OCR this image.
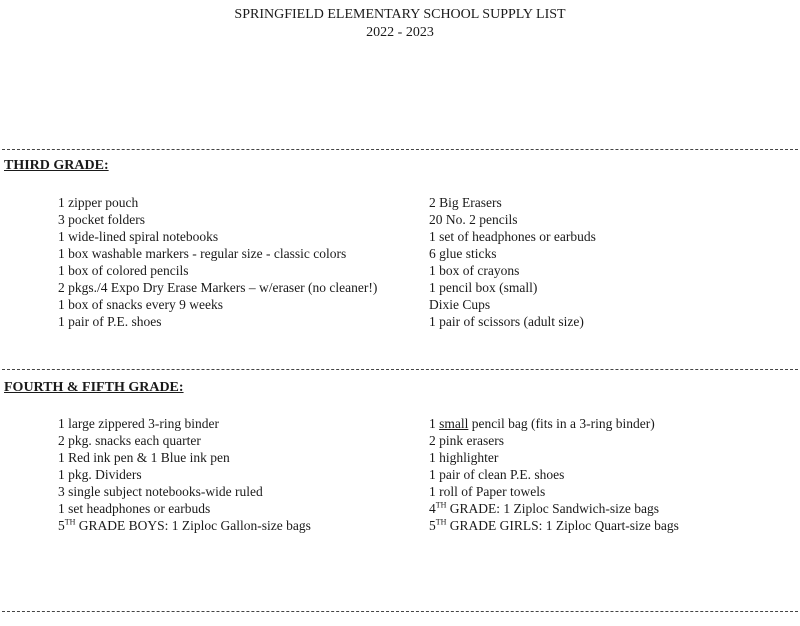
SPRINGFIELD ELEMENTARY SCHOOL SUPPLY LIST
2022 - 2023
THIRD GRADE:
1 zipper pouch
3 pocket folders
1 wide-lined spiral notebooks
1 box washable markers - regular size - classic colors
1 box of colored pencils
2 pkgs./4 Expo Dry Erase Markers – w/eraser (no cleaner!)
1 box of snacks every 9 weeks
1 pair of P.E. shoes
2 Big Erasers
20 No. 2 pencils
1 set of headphones or earbuds
6 glue sticks
1 box of crayons
1 pencil box (small)
Dixie Cups
1 pair of scissors (adult size)
FOURTH & FIFTH GRADE:
1 large zippered 3-ring binder
2 pkg. snacks each quarter
1 Red ink pen & 1 Blue ink pen
1 pkg. Dividers
3 single subject notebooks-wide ruled
1 set headphones or earbuds
5TH GRADE BOYS: 1 Ziploc Gallon-size bags
1 small pencil bag (fits in a 3-ring binder)
2 pink erasers
1 highlighter
1 pair of clean P.E. shoes
1 roll of Paper towels
4TH GRADE: 1 Ziploc Sandwich-size bags
5TH GRADE GIRLS: 1 Ziploc Quart-size bags
